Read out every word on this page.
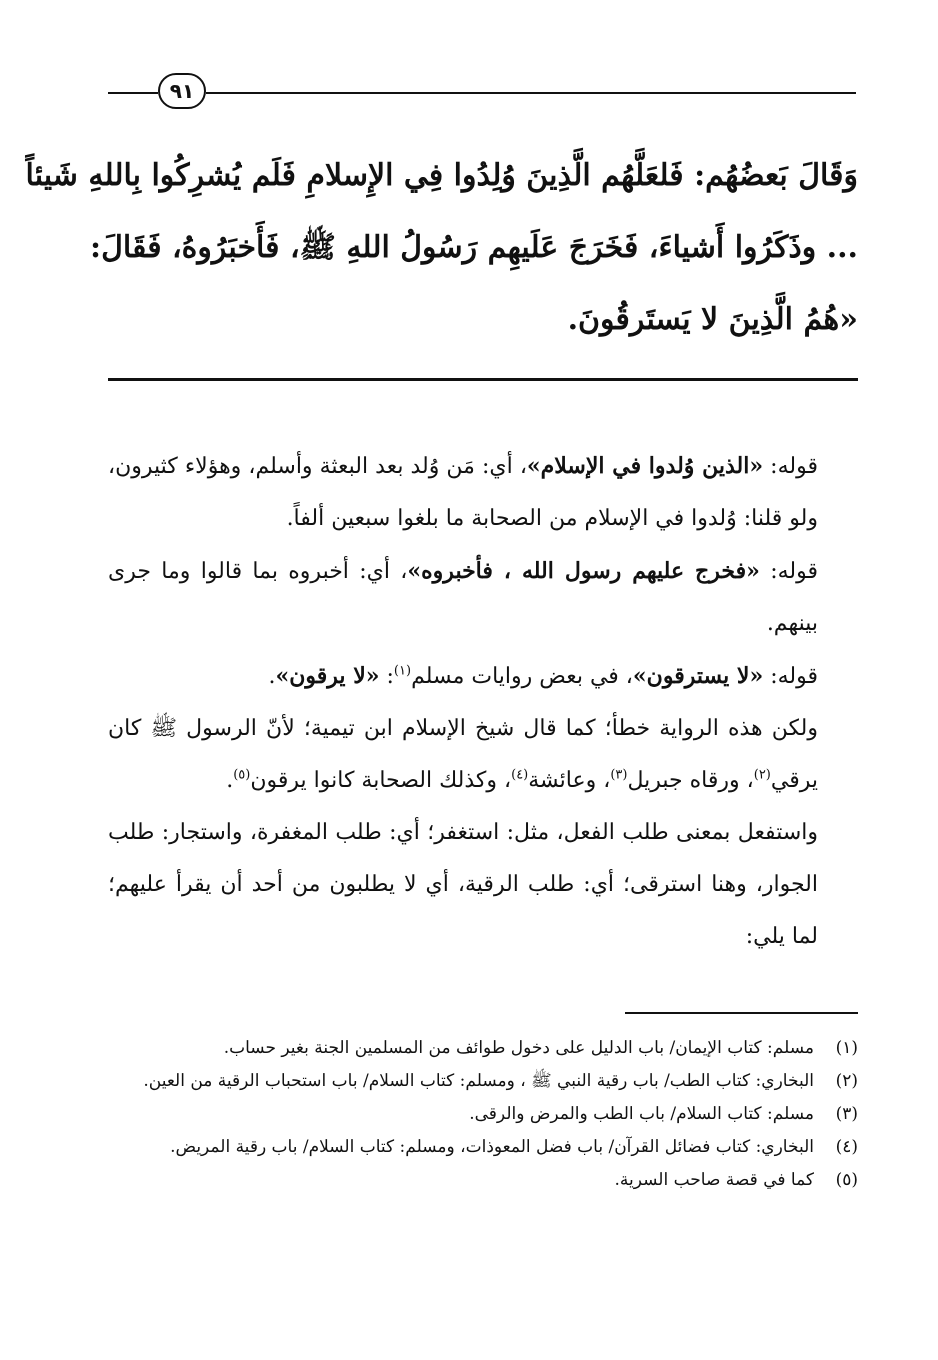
٩١
وَقَالَ بَعضُهُم: فَلعَلَّهُم الَّذِينَ وُلِدُوا فِي الإِسلامِ فَلَم يُشرِكُوا بِاللهِ شَيئاً
... وذَكَرُوا أَشياءَ، فَخَرَجَ عَلَيهِم رَسُولُ اللهِ ﷺ، فَأَخبَرُوهُ، فَقَالَ:
«هُمُ الَّذِينَ لا يَستَرقُونَ.

قوله: «الذين وُلدوا في الإسلام»، أي: مَن وُلد بعد البعثة وأسلم، وهؤلاء كثيرون، ولو قلنا: وُلدوا في الإسلام من الصحابة ما بلغوا سبعين ألفاً.

قوله: «فخرج عليهم رسول الله ، فأخبروه»، أي: أخبروه بما قالوا وما جرى بينهم.

قوله: «لا يسترقون»، في بعض روايات مسلم$^{(١)}$: «لا يرقون».

ولكن هذه الرواية خطأ؛ كما قال شيخ الإسلام ابن تيمية؛ لأنّ الرسول ﷺ كان يرقي$^{(٢)}$، ورقاه جبريل$^{(٣)}$، وعائشة$^{(٤)}$، وكذلك الصحابة كانوا يرقون$^{(٥)}$.

واستفعل بمعنى طلب الفعل، مثل: استغفر؛ أي: طلب المغفرة، واستجار: طلب الجوار، وهنا استرقى؛ أي: طلب الرقية، أي لا يطلبون من أحد أن يقرأ عليهم؛ لما يلي:

(١)
مسلم: كتاب الإيمان/ باب الدليل على دخول طوائف من المسلمين الجنة بغير حساب.
(٢)
البخاري: كتاب الطب/ باب رقية النبي ﷺ ، ومسلم: كتاب السلام/ باب استحباب الرقية من العين.
(٣)
مسلم: كتاب السلام/ باب الطب والمرض والرقى.
(٤)
البخاري: كتاب فضائل القرآن/ باب فضل المعوذات، ومسلم: كتاب السلام/ باب رقية المريض.
(٥)
كما في قصة صاحب السرية.
